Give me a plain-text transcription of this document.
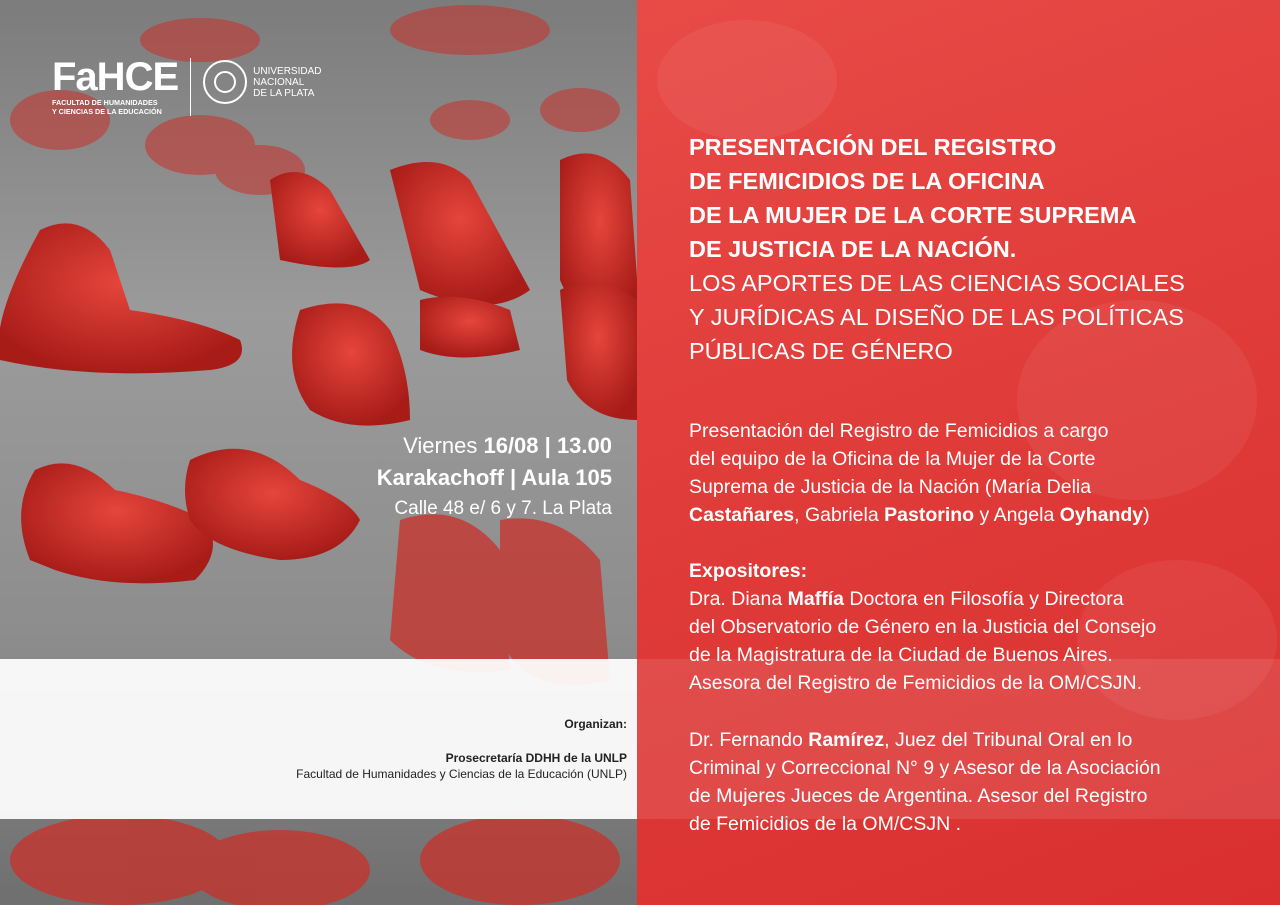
FaHCE
FACULTAD DE HUMANIDADES
Y CIENCIAS DE LA EDUCACIÓN
UNIVERSIDAD
NACIONAL
DE LA PLATA
Viernes 16/08 | 13.00
Karakachoff | Aula 105
Calle 48 e/ 6 y 7. La Plata
Organizan:
Prosecretaría DDHH de la UNLP
Facultad de Humanidades y Ciencias de la Educación (UNLP)

PRESENTACIÓN DEL REGISTRO

DE FEMICIDIOS DE LA OFICINA

DE LA MUJER DE LA CORTE SUPREMA

DE JUSTICIA DE LA NACIÓN.

LOS APORTES DE LAS CIENCIAS SOCIALES

Y JURÍDICAS AL DISEÑO DE LAS POLÍTICAS

PÚBLICAS DE GÉNERO

Presentación del Registro de Femicidios a cargo

del equipo de la Oficina de la Mujer de la Corte

Suprema de Justicia de la Nación (María Delia

Castañares, Gabriela Pastorino y Angela Oyhandy)

Expositores:

Dra. Diana Maffía Doctora en Filosofía y Directora

del Observatorio de Género en la Justicia del Consejo

de la Magistratura de la Ciudad de Buenos Aires.

Asesora del Registro de Femicidios de la OM/CSJN.

Dr. Fernando Ramírez, Juez del Tribunal Oral en lo

Criminal y Correccional N° 9 y Asesor de la Asociación

de Mujeres Jueces de Argentina. Asesor del Registro

de Femicidios de la OM/CSJN .
